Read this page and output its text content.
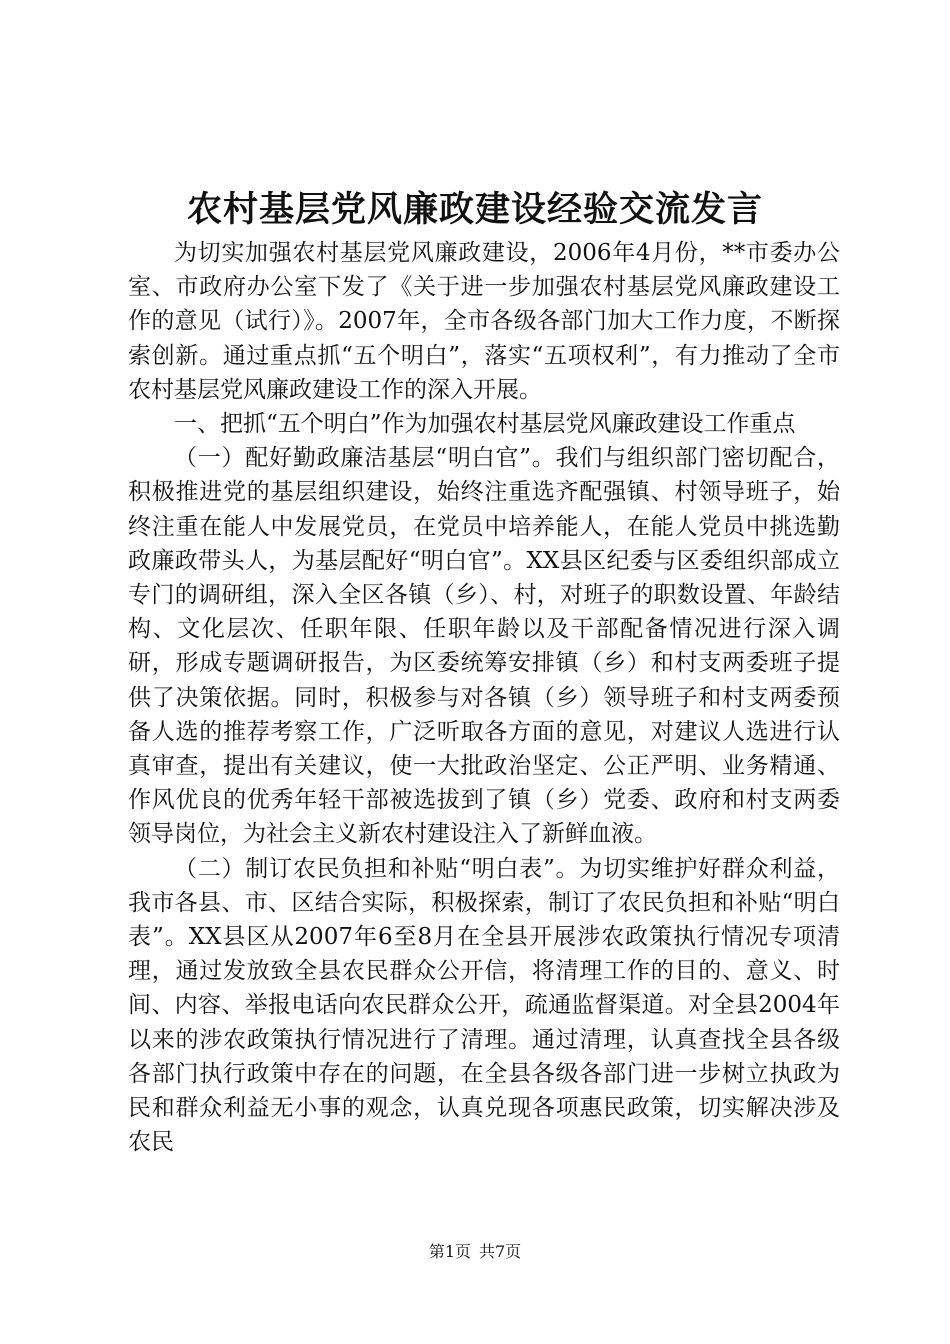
农村基层党风廉政建设经验交流发言

为切实加强农村基层党风廉政建设，2006年4月份，**市委办公室、市政府办公室下发了《关于进一步加强农村基层党风廉政建设工作的意见（试行）》。2007年，全市各级各部门加大工作力度，不断探索创新。通过重点抓“五个明白”，落实“五项权利”，有力推动了全市农村基层党风廉政建设工作的深入开展。

一、把抓“五个明白”作为加强农村基层党风廉政建设工作重点

（一）配好勤政廉洁基层“明白官”。我们与组织部门密切配合，积极推进党的基层组织建设，始终注重选齐配强镇、村领导班子，始终注重在能人中发展党员，在党员中培养能人，在能人党员中挑选勤政廉政带头人，为基层配好“明白官”。XX县区纪委与区委组织部成立专门的调研组，深入全区各镇（乡）、村，对班子的职数设置、年龄结构、文化层次、任职年限、任职年龄以及干部配备情况进行深入调研，形成专题调研报告，为区委统筹安排镇（乡）和村支两委班子提供了决策依据。同时，积极参与对各镇（乡）领导班子和村支两委预备人选的推荐考察工作，广泛听取各方面的意见，对建议人选进行认真审查，提出有关建议，使一大批政治坚定、公正严明、业务精通、作风优良的优秀年轻干部被选拔到了镇（乡）党委、政府和村支两委领导岗位，为社会主义新农村建设注入了新鲜血液。

（二）制订农民负担和补贴“明白表”。为切实维护好群众利益，我市各县、市、区结合实际，积极探索，制订了农民负担和补贴“明白表”。XX县区从2007年6至8月在全县开展涉农政策执行情况专项清理，通过发放致全县农民群众公开信，将清理工作的目的、意义、时间、内容、举报电话向农民群众公开，疏通监督渠道。对全县2004年以来的涉农政策执行情况进行了清理。通过清理，认真查找全县各级各部门执行政策中存在的问题，在全县各级各部门进一步树立执政为民和群众利益无小事的观念，认真兑现各项惠民政策，切实解决涉及农民

第1页 共7页
